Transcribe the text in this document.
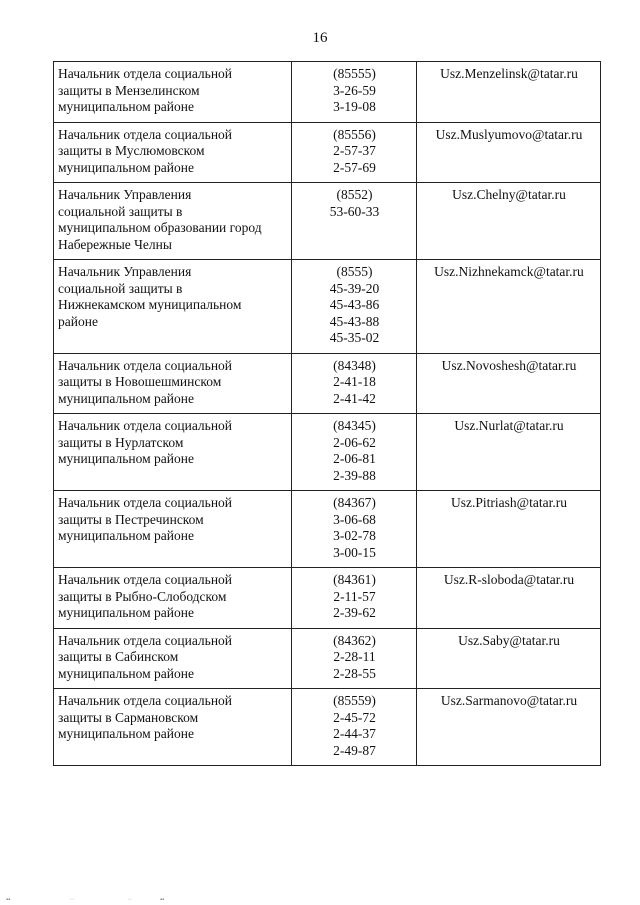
16
Начальник отдела социальной
защиты в Мензелинском
муниципальном районе	(85555)
3-26-59
3-19-08	Usz.Menzelinsk@tatar.ru

Начальник отдела социальной
защиты в Муслюмовском
муниципальном районе	(85556)
2-57-37
2-57-69	Usz.Muslyumovo@tatar.ru

Начальник Управления
социальной защиты в
муниципальном образовании город
Набережные Челны	(8552)
53-60-33	Usz.Chelny@tatar.ru

Начальник Управления
социальной защиты в
Нижнекамском муниципальном
районе	(8555)
45-39-20
45-43-86
45-43-88
45-35-02	Usz.Nizhnekamck@tatar.ru

Начальник отдела социальной
защиты в Новошешминском
муниципальном районе	(84348)
2-41-18
2-41-42	Usz.Novoshesh@tatar.ru

Начальник отдела социальной
защиты в Нурлатском
муниципальном районе	(84345)
2-06-62
2-06-81
2-39-88	Usz.Nurlat@tatar.ru

Начальник отдела социальной
защиты в Пестречинском
муниципальном районе	(84367)
3-06-68
3-02-78
3-00-15	Usz.Pitriash@tatar.ru

Начальник отдела социальной
защиты в Рыбно-Слободском
муниципальном районе	(84361)
2-11-57
2-39-62	Usz.R-sloboda@tatar.ru

Начальник отдела социальной
защиты в Сабинском
муниципальном районе	(84362)
2-28-11
2-28-55	Usz.Saby@tatar.ru

Начальник отдела социальной
защиты в Сармановском
муниципальном районе	(85559)
2-45-72
2-44-37
2-49-87	Usz.Sarmanovo@tatar.ru
▪▪	··	··	▪▪
